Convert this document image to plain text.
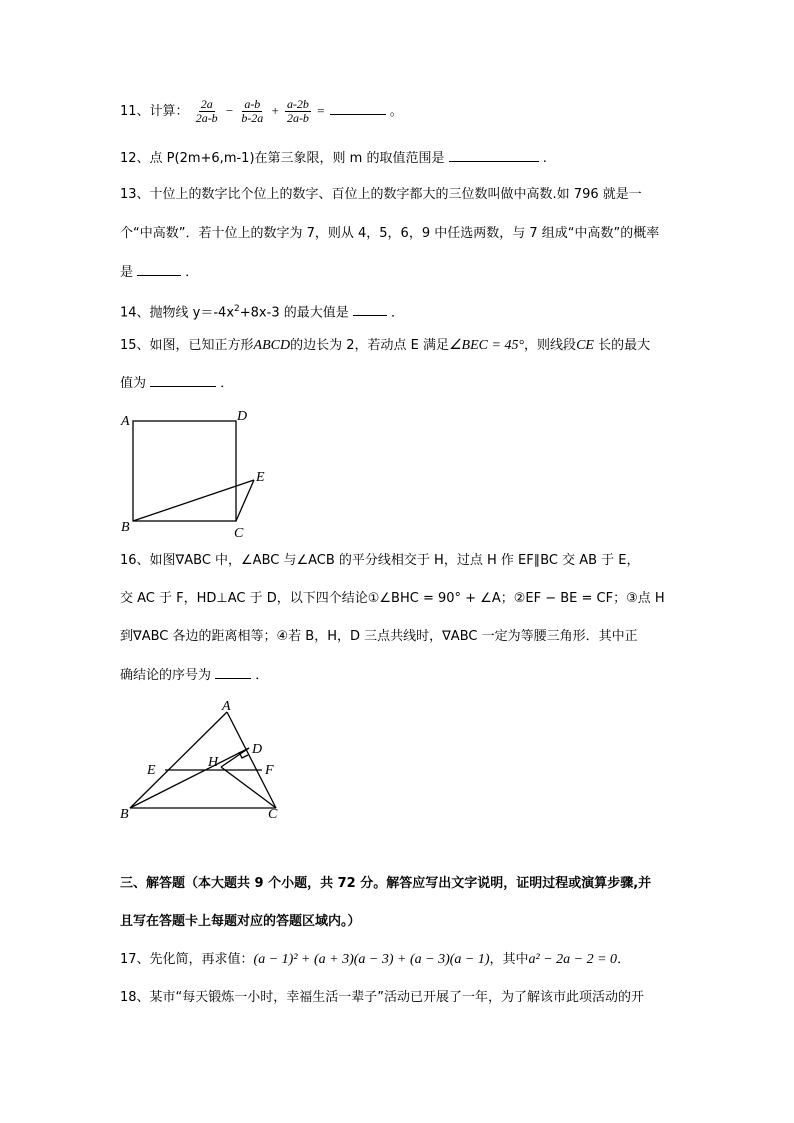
11、计算： $\frac{2a}{2a-b} - \frac{a-b}{b-2a} + \frac{a-2b}{2a-b}$ =	。
12、点 P(2m+6,m-1)在第三象限，则 m 的取值范围是	.
13、十位上的数字比个位上的数字、百位上的数字都大的三位数叫做中高数.如 796 就是一
个“中高数”．若十位上的数字为 7，则从 4，5，6，9 中任选两数，与 7 组成“中高数”的概率
是	．
14、抛物线 $y=-4x^2+8x-3$ 的最大值是	．
15、如图，已知正方形ABCD的边长为 2，若动点 E 满足∠BEC = 45°，则线段CE 长的最大
值为	．
A	D
E
B	C
A
D
E
H
F
B	C
16、如图∇ABC 中，∠ABC 与∠ACB 的平分线相交于 H，过点 H 作 EF∥BC 交 AB 于 E，
交 AC 于 F，HD⊥AC 于 D，以下四个结论①∠BHC = 90° + ∠A；②EF − BE = CF；③点 H
到∇ABC 各边的距离相等；④若 B，H，D 三点共线时，∇ABC 一定为等腰三角形．其中正
确结论的序号为	．
三、解答题（本大题共 9 个小题，共 72 分。解答应写出文字说明，证明过程或演算步骤,并
且写在答题卡上每题对应的答题区域内。）
17、先化简，再求值：(a − 1)² + (a + 3)(a − 3) + (a − 3)(a − 1)，其中a² − 2a − 2 = 0．
18、某市“每天锻炼一小时，幸福生活一辈子”活动已开展了一年，为了解该市此项活动的开
